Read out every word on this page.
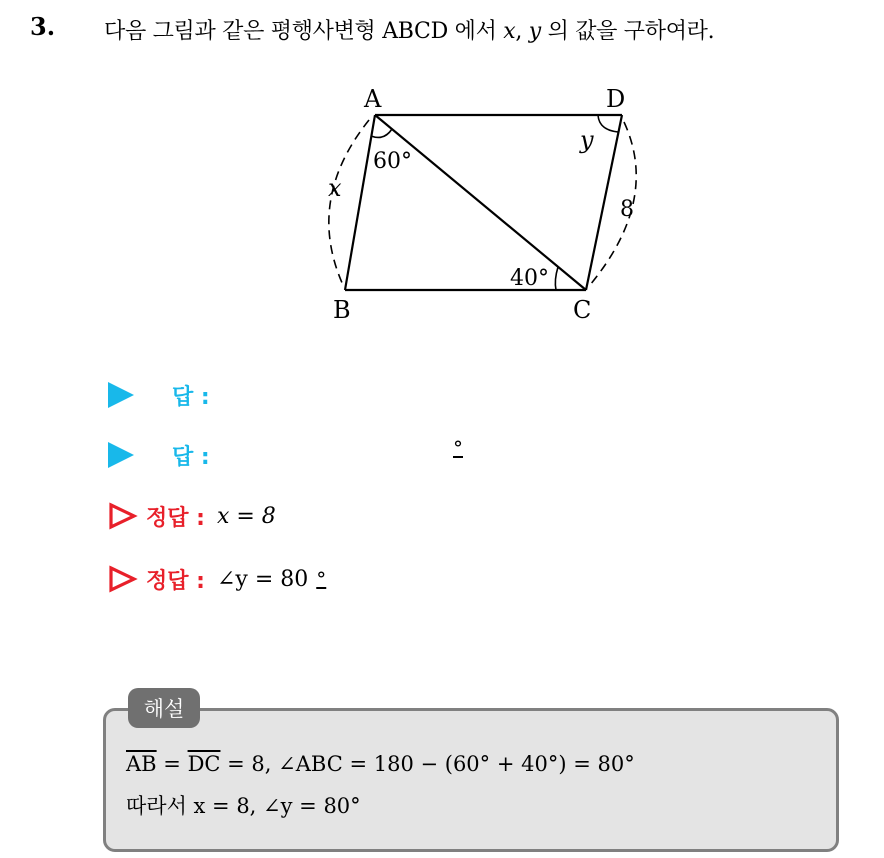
3. 다음 그림과 같은 평행사변형 ABCD 에서 x, y 의 값을 구하여라.
A	D
B	C
60°
40°
x
y
8
답 :
답 :	°
정답 : x = 8
정답 : ∠y = 80 °
해설
$\overline{AB} = \overline{DC} = 8$, ∠ABC = 180 − (60° + 40°) = 80°
따라서 x = 8, ∠y = 80°
